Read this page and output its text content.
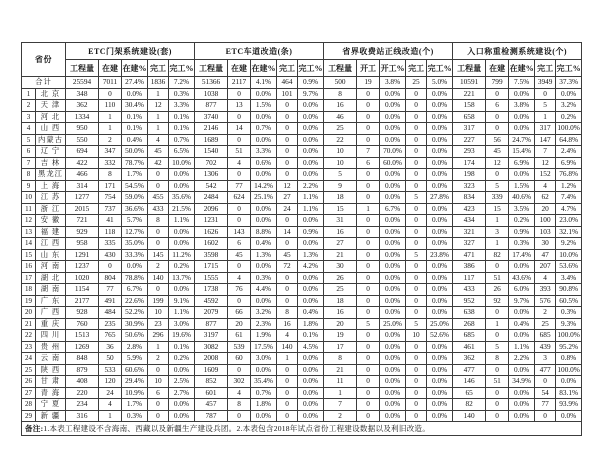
省份		ETC门架系统建设(套)					ETC车道改造(条)					省界收费站正线改造(个)					入口称重检测系统建设(个)				
		工程量	在建	在建%	完工	完工%	工程量	在建	在建%	完工	完工%	工程量	开工	开工%	完工	完工%	工程量	在建	在建%	完工	完工%
合计		25594	7011	27.4%	1836	7.2%	51366	2117	4.1%	464	0.9%	500	19	3.8%	25	5.0%	10591	799	7.5%	3949	37.3%
1	北 京	348	0	0.0%	1	0.3%	1038	0	0.0%	101	9.7%	8	0	0.0%	0	0.0%	221	0	0.0%	0	0.0%
2	天 津	362	110	30.4%	12	3.3%	877	13	1.5%	0	0.0%	16	0	0.0%	0	0.0%	158	6	3.8%	5	3.2%
3	河 北	1334	1	0.1%	1	0.1%	3740	0	0.0%	0	0.0%	46	0	0.0%	0	0.0%	658	0	0.0%	1	0.2%
4	山 西	950	1	0.1%	1	0.1%	2146	14	0.7%	0	0.0%	25	0	0.0%	0	0.0%	317	0	0.0%	317	100.0%
5	内蒙古	550	2	0.4%	4	0.7%	1689	0	0.0%	0	0.0%	22	0	0.0%	0	0.0%	227	56	24.7%	147	64.8%
6	辽 宁	694	347	50.0%	45	6.5%	1540	51	3.3%	0	0.0%	10	7	70.0%	0	0.0%	293	45	15.4%	7	2.4%
7	吉 林	422	332	78.7%	42	10.0%	702	4	0.6%	0	0.0%	10	6	60.0%	0	0.0%	174	12	6.9%	12	6.9%
8	黑龙江	466	8	1.7%	0	0.0%	1306	0	0.0%	0	0.0%	5	0	0.0%	0	0.0%	198	0	0.0%	152	76.8%
9	上 海	314	171	54.5%	0	0.0%	542	77	14.2%	12	2.2%	9	0	0.0%	0	0.0%	323	5	1.5%	4	1.2%
10	江 苏	1277	754	59.0%	455	35.6%	2484	624	25.1%	27	1.1%	18	0	0.0%	5	27.8%	834	339	40.6%	62	7.4%
11	浙 江	2015	737	36.6%	433	21.5%	2096	0	0.0%	24	1.1%	15	1	6.7%	0	0.0%	423	15	3.5%	20	4.7%
12	安 徽	721	41	5.7%	8	1.1%	1231	0	0.0%	0	0.0%	31	0	0.0%	0	0.0%	434	1	0.2%	100	23.0%
13	福 建	929	118	12.7%	0	0.0%	1626	143	8.8%	14	0.9%	16	0	0.0%	0	0.0%	321	3	0.9%	103	32.1%
14	江 西	958	335	35.0%	0	0.0%	1602	6	0.4%	0	0.0%	27	0	0.0%	0	0.0%	327	1	0.3%	30	9.2%
15	山 东	1291	430	33.3%	145	11.2%	3598	45	1.3%	45	1.3%	21	0	0.0%	5	23.8%	471	82	17.4%	47	10.0%
16	河 南	1237	0	0.0%	2	0.2%	1715	0	0.0%	72	4.2%	30	0	0.0%	0	0.0%	386	0	0.0%	207	53.6%
17	湖 北	1020	804	78.8%	140	13.7%	1555	4	0.3%	0	0.0%	26	0	0.0%	0	0.0%	117	51	43.6%	4	3.4%
18	湖 南	1154	77	6.7%	0	0.0%	1738	76	4.4%	0	0.0%	25	0	0.0%	0	0.0%	433	26	6.0%	393	90.8%
19	广 东	2177	491	22.6%	199	9.1%	4592	0	0.0%	0	0.0%	18	0	0.0%	0	0.0%	952	92	9.7%	576	60.5%
20	广 西	928	484	52.2%	10	1.1%	2079	66	3.2%	8	0.4%	16	0	0.0%	0	0.0%	638	0	0.0%	2	0.3%
21	重 庆	760	235	30.9%	23	3.0%	877	20	2.3%	16	1.8%	20	5	25.0%	5	25.0%	268	1	0.4%	25	9.3%
22	四 川	1513	765	50.6%	296	19.6%	3197	61	1.9%	4	0.1%	19	0	0.0%	10	52.6%	685	0	0.0%	685	100.0%
23	贵 州	1269	36	2.8%	1	0.1%	3082	539	17.5%	140	4.5%	17	0	0.0%	0	0.0%	461	5	1.1%	439	95.2%
24	云 南	848	50	5.9%	2	0.2%	2008	60	3.0%	1	0.0%	8	0	0.0%	0	0.0%	362	8	2.2%	3	0.8%
25	陕 西	879	533	60.6%	0	0.0%	1609	0	0.0%	0	0.0%	21	0	0.0%	0	0.0%	477	0	0.0%	477	100.0%
26	甘 肃	408	120	29.4%	10	2.5%	852	302	35.4%	0	0.0%	11	0	0.0%	0	0.0%	146	51	34.9%	0	0.0%
27	青 海	220	24	10.9%	6	2.7%	601	4	0.7%	0	0.0%	1	0	0.0%	0	0.0%	65	0	0.0%	54	83.1%
28	宁 夏	234	4	1.7%	0	0.0%	457	8	1.8%	0	0.0%	7	0	0.0%	0	0.0%	82	0	0.0%	77	93.9%
29	新 疆	316	1	0.3%	0	0.0%	787	0	0.0%	0	0.0%	2	0	0.0%	0	0.0%	140	0	0.0%	0	0.0%
备注:1.本表工程建设不含海南、西藏以及新疆生产建设兵团。2.本表包含2018年试点省份工程建设数据以及利旧改造。																					
